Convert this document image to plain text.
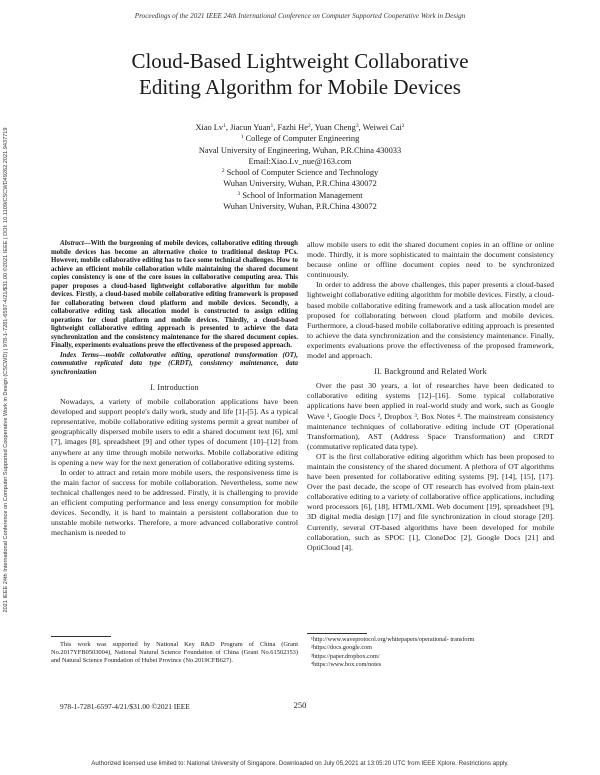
Proceedings of the 2021 IEEE 24th International Conference on Computer Supported Cooperative Work in Design
2021 IEEE 24th International Conference on Computer Supported Cooperative Work in Design (CSCWD) | 978-1-7281-6597-4/21/$31.00 ©2021 IEEE | DOI: 10.1109/CSCWD49262.2021.9437719
Cloud-Based Lightweight Collaborative
Editing Algorithm for Mobile Devices

Xiao Lv$^1$, Jiacun Yuan$^1$, Fazhi He$^2$, Yuan Cheng$^3$, Weiwei Cai$^2$

$^1$ College of Computer Engineering

Naval University of Engineering, Wuhan, P.R.China 430033

Email:Xiao.Lv_nue@163.com

$^2$ School of Computer Science and Technology

Wuhan University, Wuhan, P.R.China 430072

$^3$ School of Information Management

Wuhan University, Wuhan, P.R.China 430072

Abstract—With the burgeoning of mobile devices, collaborative editing through mobile devices has become an alternative choice to traditional desktop PCs. However, mobile collaborative editing has to face some technical challenges. How to achieve an efficient mobile collaboration while maintaining the shared document copies consistency is one of the core issues in collaborative computing area. This paper proposes a cloud-based lightweight collaborative algorithm for mobile devices. Firstly, a cloud-based mobile collaborative editing framework is proposed for collaborating between cloud platform and mobile devices. Secondly, a collaborative editing task allocation model is constructed to assign editing operations for cloud platform and mobile devices. Thirdly, a cloud-based lightweight collaborative editing approach is presented to achieve the data synchronization and the consistency maintenance for the shared document copies. Finally, experiments evaluations prove the effectiveness of the proposed approach.

Index Terms—mobile collaborative editing, operational transformation (OT), commutative replicated data type (CRDT), consistency maintenance, data synchronization

I. Introduction

Nowadays, a variety of mobile collaboration applications have been developed and support people's daily work, study and life [1]-[5]. As a typical representative, mobile collaborative editing systems permit a great number of geographically dispersed mobile users to edit a shared document text [6], xml [7], images [8], spreadsheet [9] and other types of document [10]–[12] from anywhere at any time through mobile networks. Mobile collaborative editing is opening a new way for the next generation of collaborative editing systems.

In order to attract and retain more mobile users, the responsiveness time is the main factor of success for mobile collaboration. Nevertheless, some new technical challenges need to be addressed. Firstly, it is challenging to provide an efficient computing performance and less energy consumption for mobile devices. Secondly, it is hard to maintain a persistent collaboration due to unstable mobile networks. Therefore, a more advanced collaborative control mechanism is needed to

This work was supported by National Key R&D Program of China (Grant No.2017YFB0503004), National Natural Science Foundation of China (Grant No.61502353) and Natural Science Foundation of Hubei Province (No.2019CFB627).

allow mobile users to edit the shared document copies in an offline or online mode. Thirdly, it is more sophisticated to maintain the document consistency because online or offline document copies need to be synchronized continuously.

In order to address the above challenges, this paper presents a cloud-based lightweight collaborative editing algorithm for mobile devices. Firstly, a cloud-based mobile collaborative editing framework and a task allocation model are proposed for collaborating between cloud platform and mobile devices. Furthermore, a cloud-based mobile collaborative editing approach is presented to achieve the data synchronization and the consistency maintenance. Finally, experiments evaluations prove the effectiveness of the proposed framework, model and approach.

II. Background and Related Work

Over the past 30 years, a lot of researches have been dedicated to collaborative editing systems [12]–[16]. Some typical collaborative applications have been applied in real-world study and work, such as Google Wave ¹, Google Docs ², Dropbox ³, Box Notes ⁴. The mainstream consistency maintenance techniques of collaborative editing include OT (Operational Transformation), AST (Address Space Transformation) and CRDT (commutative replicated data type).

OT is the first collaborative editing algorithm which has been proposed to maintain the consistency of the shared document. A plethora of OT algorithms have been presented for collaborative editing systems [9], [14], [15], [17]. Over the past decade, the scope of OT research has evolved from plain-text collaborative editing to a variety of collaborative office applications, including word processors [6], [18], HTML/XML Web document [19], spreadsheet [9], 3D digital media design [17] and file synchronization in cloud storage [20]. Currently, several OT-based algorithms have been developed for mobile collaboration, such as SPOC [1], CloneDoc [2], Google Docs [21] and OptiCloud [4].

¹http://www.waveprotocol.org/whitepapers/operational- transform

²https://docs.google.com

³https://paper.dropbox.com/

⁴https://www.box.com/notes

978-1-7281-6597-4/21/$31.00 ©2021 IEEE	250
Authorized licensed use limited to: National University of Singapore. Downloaded on July 05,2021 at 13:05:20 UTC from IEEE Xplore. Restrictions apply.
